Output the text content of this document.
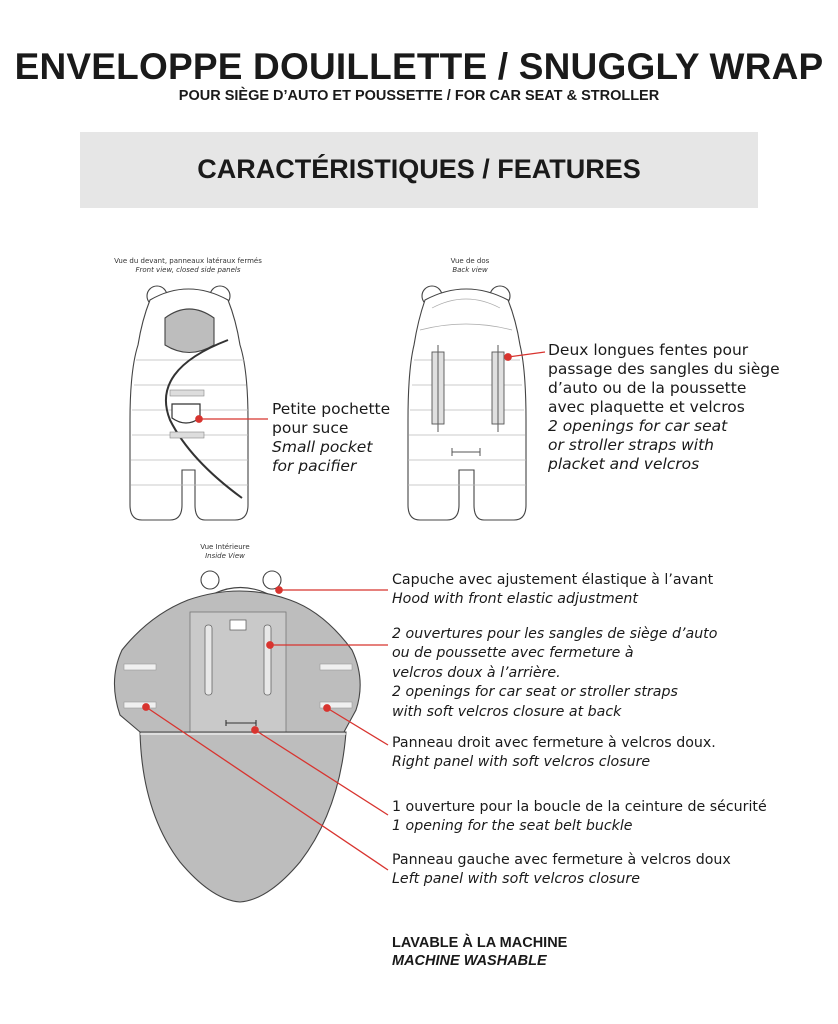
ENVELOPPE DOUILLETTE / SNUGGLY WRAP
POUR SIÈGE D’AUTO ET POUSSETTE / FOR CAR SEAT & STROLLER
CARACTÉRISTIQUES / FEATURES
Vue du devant, panneaux latéraux fermés
Front view, closed side panels
Vue de dos
Back view
Vue Intérieure
Inside View
Petite pochette
pour suce
Small pocket
for pacifier
Deux longues fentes pour
passage des sangles du siège
d’auto ou de la poussette
avec plaquette et velcros
2 openings for car seat
or stroller straps with
placket and velcros
Capuche avec ajustement élastique à l’avant
Hood with front elastic adjustment
2 ouvertures pour les sangles de siège d’auto
ou de poussette avec fermeture à
velcros doux à l’arrière.
2 openings for car seat or stroller straps
with soft velcros closure at back
Panneau droit avec fermeture à velcros doux.
Right panel with soft velcros closure
1 ouverture pour la boucle de la ceinture de sécurité
1 opening for the seat belt buckle
Panneau gauche avec fermeture à velcros doux
Left panel with soft velcros closure
LAVABLE À LA MACHINE
MACHINE WASHABLE
